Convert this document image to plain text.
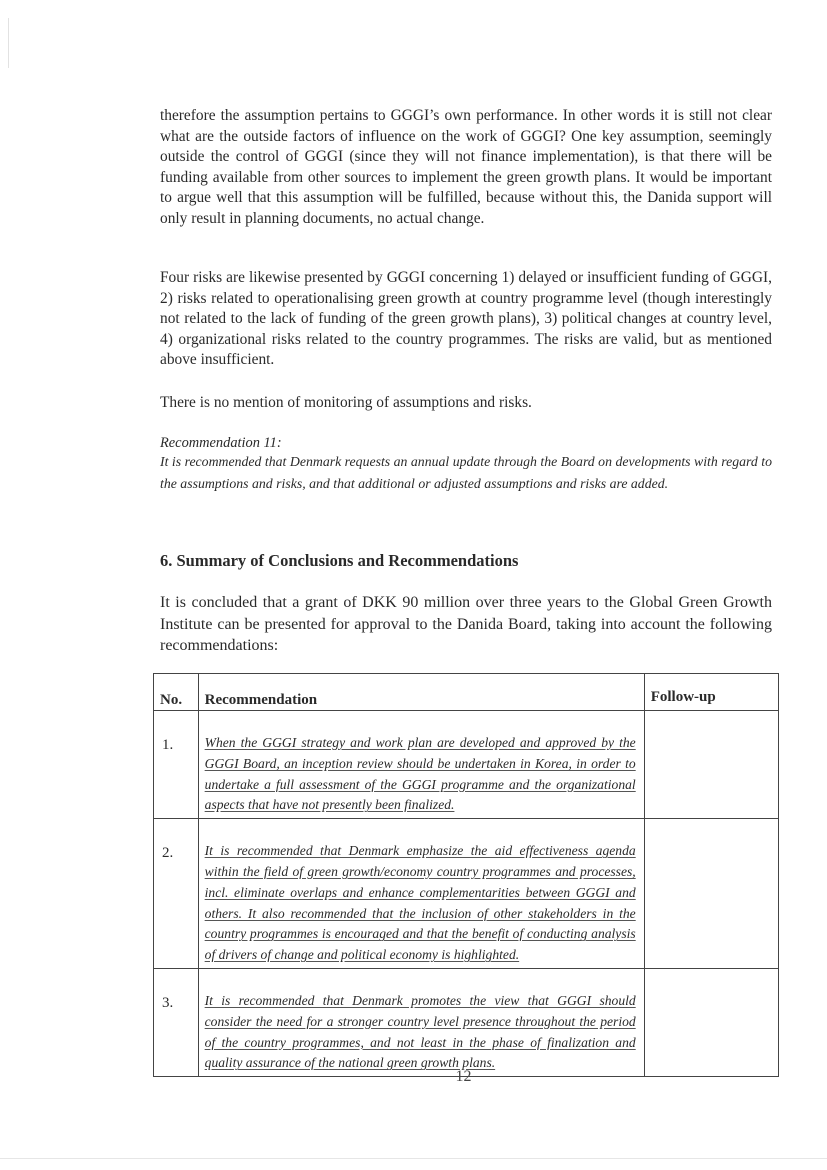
therefore the assumption pertains to GGGI’s own performance. In other words it is still not clear what are the outside factors of influence on the work of GGGI? One key assumption, seemingly outside the control of GGGI (since they will not finance implementation), is that there will be funding available from other sources to implement the green growth plans. It would be important to argue well that this assumption will be fulfilled, because without this, the Danida support will only result in planning documents, no actual change.

Four risks are likewise presented by GGGI concerning 1) delayed or insufficient funding of GGGI, 2) risks related to operationalising green growth at country programme level (though interestingly not related to the lack of funding of the green growth plans), 3) political changes at country level, 4) organizational risks related to the country programmes. The risks are valid, but as mentioned above insufficient.

There is no mention of monitoring of assumptions and risks.

Recommendation 11:

It is recommended that Denmark requests an annual update through the Board on developments with regard to the assumptions and risks, and that additional or adjusted assumptions and risks are added.

6. Summary of Conclusions and Recommendations

It is concluded that a grant of DKK 90 million over three years to the Global Green Growth Institute can be presented for approval to the Danida Board, taking into account the following recommendations:

No.	Recommendation	Follow-up
1.	When the GGGI strategy and work plan are developed and approved by the GGGI Board, an inception review should be undertaken in Korea, in order to undertake a full assessment of the GGGI programme and the organizational aspects that have not presently been finalized.	
2.	It is recommended that Denmark emphasize the aid effectiveness agenda within the field of green growth/economy country programmes and processes, incl. eliminate overlaps and enhance complementarities between GGGI and others. It also recommended that the inclusion of other stakeholders in the country programmes is encouraged and that the benefit of conducting analysis of drivers of change and political economy is highlighted.	
3.	It is recommended that Denmark promotes the view that GGGI should consider the need for a stronger country level presence throughout the period of the country programmes, and not least in the phase of finalization and quality assurance of the national green growth plans.	
12
